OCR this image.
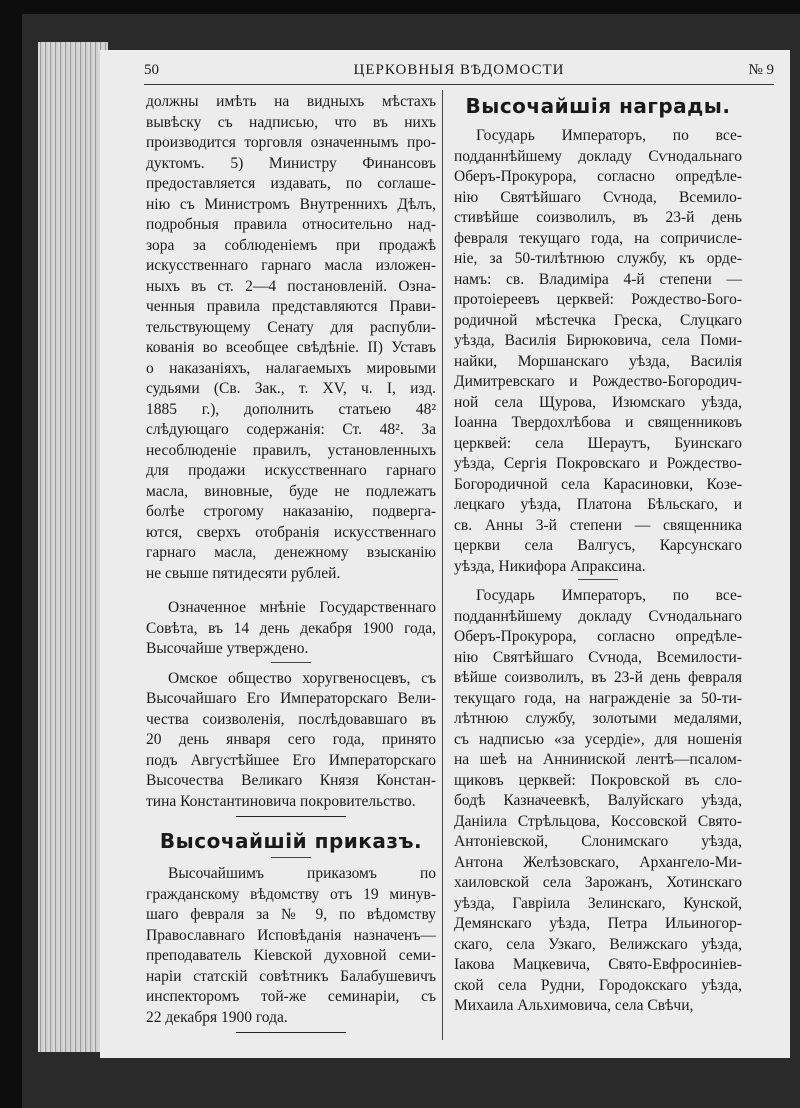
50	ЦЕРКОВНЫЯ ВѢДОМОСТИ	№ 9
должны имѣть на видныхъ мѣстахъ
вывѣску съ надписью, что въ нихъ
производится торговля означеннымъ про-
дуктомъ. 5) Министру Финансовъ
предоставляется издавать, по соглаше-
нію съ Министромъ Внутреннихъ Дѣлъ,
подробныя правила относительно над-
зора за соблюденіемъ при продажѣ
искусственнаго гарнаго масла изложен-
ныхъ въ ст. 2—4 постановленій. Озна-
ченныя правила представляются Прави-
тельствующему Сенату для распубли-
кованія во всеобщее свѣдѣніе. II) Уставъ
о наказаніяхъ, налагаемыхъ мировыми
судьями (Св. Зак., т. XV, ч. I, изд.
1885 г.), дополнить статьею 48²
слѣдующаго содержанія: Ст. 48². За
несоблюденіе правилъ, установленныхъ
для продажи искусственнаго гарнаго
масла, виновные, буде не подлежатъ
болѣе строгому наказанію, подверга-
ются, сверхъ отобранія искусственнаго
гарнаго масла, денежному взысканію
не свыше пятидесяти рублей.
Означенное мнѣніе Государственнаго
Совѣта, въ 14 день декабря 1900 года,
Высочайше утверждено.
Омское общество хоругвеносцевъ, съ
Высочайшаго Его Императорскаго Вели-
чества соизволенія, послѣдовавшаго въ
20 день января сего года, принято
подъ Августѣйшее Его Императорскаго
Высочества Великаго Князя Констан-
тина Константиновича покровительство.
Высочайшій приказъ.
Высочайшимъ приказомъ по
гражданскому вѣдомству отъ 19 минув-
шаго февраля за № 9, по вѣдомству
Православнаго Исповѣданія назначенъ—
преподаватель Кіевской духовной семи-
наріи статскій совѣтникъ Балабушевичъ
инспекторомъ той-же семинаріи, съ
22 декабря 1900 года.
Высочайшія награды.
Государь Императоръ, по все-
подданнѣйшему докладу Сѵнодальнаго
Оберъ-Прокурора, согласно опредѣле-
нію Святѣйшаго Сѵнода, Всемило-
стивѣйше соизволилъ, въ 23-й день
февраля текущаго года, на сопричисле-
ніе, за 50-тилѣтнюю службу, къ орде-
намъ: св. Владиміра 4-й степени —
протоіереевъ церквей: Рождество-Бого-
родичной мѣстечка Греска, Слуцкаго
уѣзда, Василія Бирюковича, села Поми-
найки, Моршанскаго уѣзда, Василія
Димитревскаго и Рождество-Богородич-
ной села Щурова, Изюмскаго уѣзда,
Іоанна Твердохлѣбова и священниковъ
церквей: села Шераутъ, Буинскаго
уѣзда, Сергія Покровскаго и Рождество-
Богородичной села Карасиновки, Козе-
лецкаго уѣзда, Платона Бѣльскаго, и
св. Анны 3-й степени — священника
церкви села Валгусъ, Карсунскаго
уѣзда, Никифора Апраксина.
Государь Императоръ, по все-
подданнѣйшему докладу Сѵнодальнаго
Оберъ-Прокурора, согласно опредѣле-
нію Святѣйшаго Сѵнода, Всемилости-
вѣйше соизволилъ, въ 23-й день февраля
текущаго года, на награжденіе за 50-ти-
лѣтнюю службу, золотыми медалями,
съ надписью «за усердіе», для ношенія
на шеѣ на Анниниской лентѣ—псалом-
щиковъ церквей: Покровской въ сло-
бодѣ Казначеевкѣ, Валуйскаго уѣзда,
Данiила Стрѣльцова, Коссовской Свято-
Антоніевской, Слонимскаго уѣзда,
Антона Желѣзовскаго, Архангело-Ми-
хаиловской села Зарожанъ, Хотинскаго
уѣзда, Гавріила Зелинскаго, Кунской,
Демянскаго уѣзда, Петра Ильиногор-
скаго, села Узкаго, Велижскаго уѣзда,
Іакова Мацкевича, Свято-Евфросиніев-
ской села Рудни, Городокскаго уѣзда,
Михаила Альхимовича, села Свѣчи,
